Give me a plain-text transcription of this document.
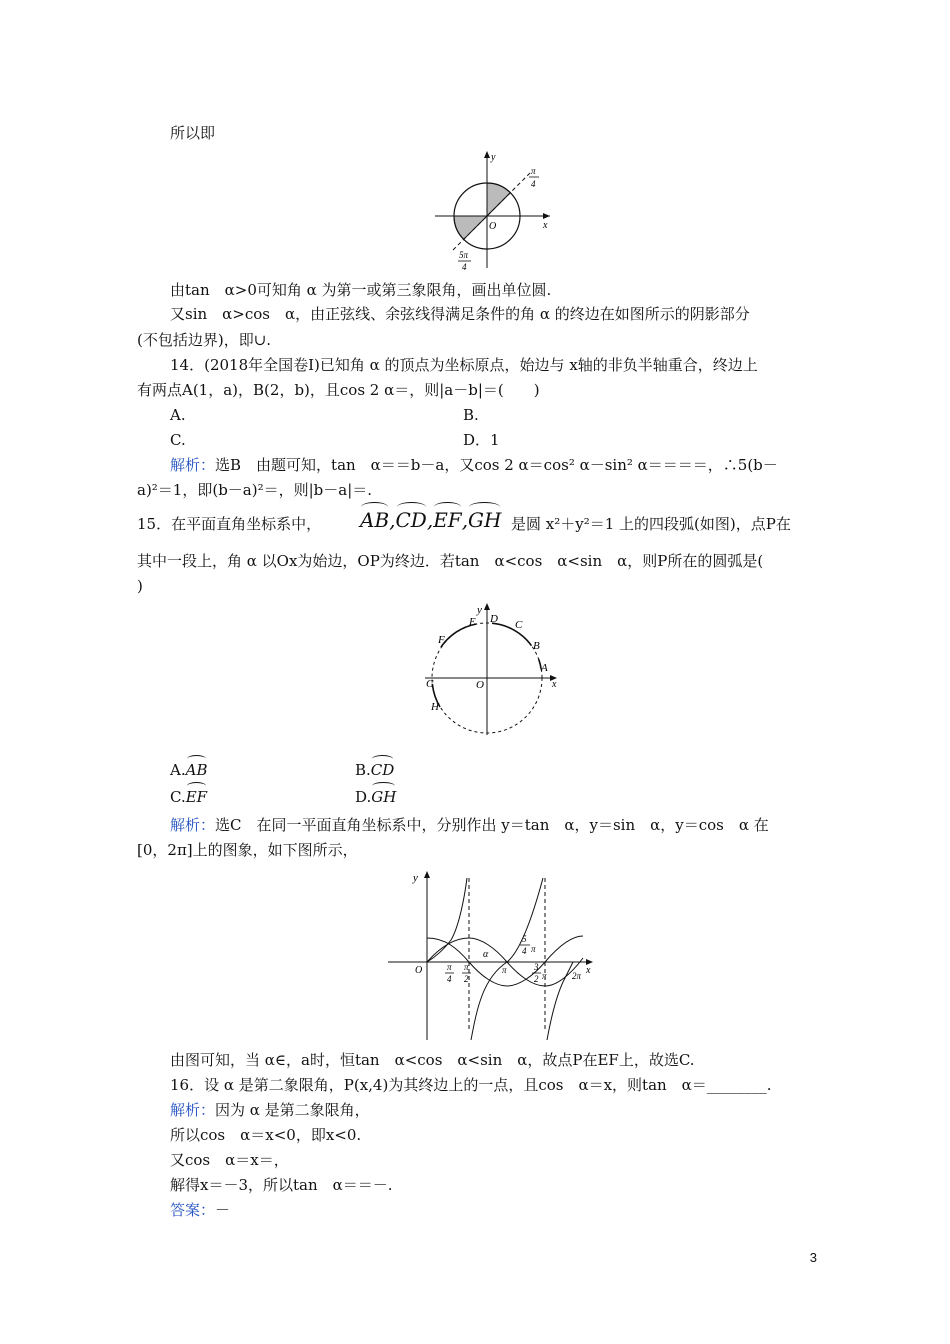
所以即
y
x
O
π
4
5π
4
由tan　α>0可知角 α 为第一或第三象限角，画出单位圆.
又sin　α>cos　α，由正弦线、余弦线得满足条件的角 α 的终边在如图所示的阴影部分
(不包括边界)，即∪.
14．(2018年全国卷Ⅰ)已知角 α 的顶点为坐标原点，始边与 x轴的非负半轴重合，终边上
有两点A(1，a)，B(2，b)，且cos 2 α＝，则|a－b|＝(　　)
A.	B.
C.	D．1
解析：选B　由题可知，tan　α＝＝b－a，又cos 2 α＝cos² α－sin² α＝＝＝＝，∴5(b－
a)²＝1，即(b－a)²＝，则|b－a|＝.
15．在平面直角坐标系中， AB,CD,EF,GH 是圆 x²＋y²＝1 上的四段弧(如图)，点P在
其中一段上，角 α 以Ox为始边，OP为终边．若tan　α<cos　α<sin　α，则P所在的圆弧是(
)
y
x
O
A
B
C
D
E
F
G
H
A.AB	B.CD
C.EF	D.GH
解析：选C　在同一平面直角坐标系中，分别作出 y＝tan　α，y＝sin　α，y＝cos　α 在
[0，2π]上的图象，如下图所示，
y
x
O	π
4
π
2
α
π
5
π
4
3
π
2	2π
由图可知，当 α∈，a时，恒tan　α<cos　α<sin　α，故点P在EF上，故选C.
16．设 α 是第二象限角，P(x,4)为其终边上的一点，且cos　α＝x，则tan　α＝________.
解析：因为 α 是第二象限角，
所以cos　α＝x<0，即x<0.
又cos　α＝x＝，
解得x＝－3，所以tan　α＝＝－.
答案：－
3
